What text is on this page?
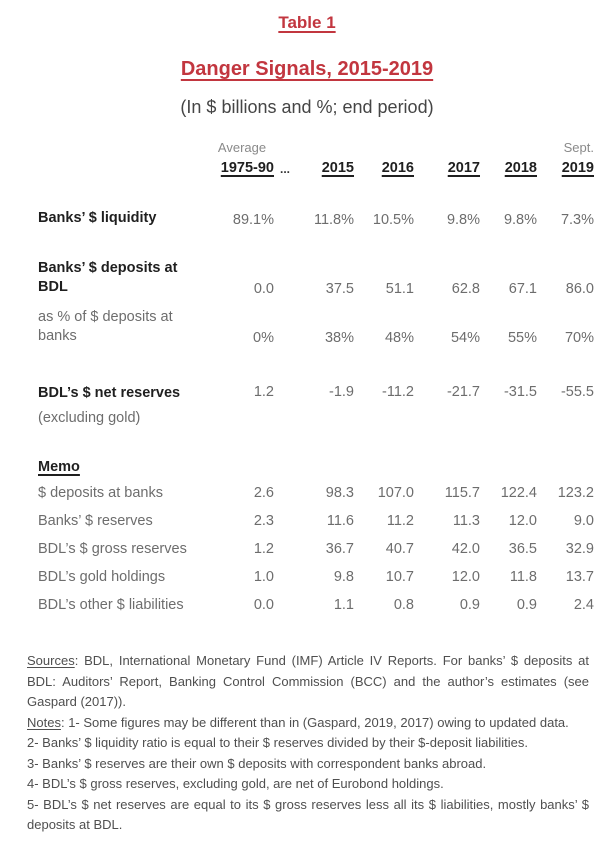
Table 1
Danger Signals, 2015-2019
(In $ billions and %; end period)
Average	Sept.
1975-90 ...	2015	2016	2017	2018	2019
Banks’ $ liquidity	89.1%	11.8%	10.5%	9.8%	9.8%	7.3%
Banks’ $ deposits at
BDL	0.0	37.5	51.1	62.8	67.1	86.0
as % of $ deposits at
banks	0%	38%	48%	54%	55%	70%
BDL’s $ net reserves
(excluding gold)
1.2	-1.9	-11.2	-21.7	-31.5	-55.5
Memo
$ deposits at banks	2.6	98.3	107.0	115.7	122.4	123.2
Banks’ $ reserves	2.3	11.6	11.2	11.3	12.0	9.0
BDL’s $ gross reserves	1.2	36.7	40.7	42.0	36.5	32.9
BDL’s gold holdings	1.0	9.8	10.7	12.0	11.8	13.7
BDL’s other $ liabilities	0.0	1.1	0.8	0.9	0.9	2.4

Sources: BDL, International Monetary Fund (IMF) Article IV Reports. For banks’ $ deposits at BDL: Auditors’ Report, Banking Control Commission (BCC) and the author’s estimates (see Gaspard (2017)).

Notes: 1- Some figures may be different than in (Gaspard, 2019, 2017) owing to updated data.

2- Banks’ $ liquidity ratio is equal to their $ reserves divided by their $-deposit liabilities.

3- Banks’ $ reserves are their own $ deposits with correspondent banks abroad.

4- BDL’s $ gross reserves, excluding gold, are net of Eurobond holdings.

5- BDL’s $ net reserves are equal to its $ gross reserves less all its $ liabilities, mostly banks’ $ deposits at BDL.
